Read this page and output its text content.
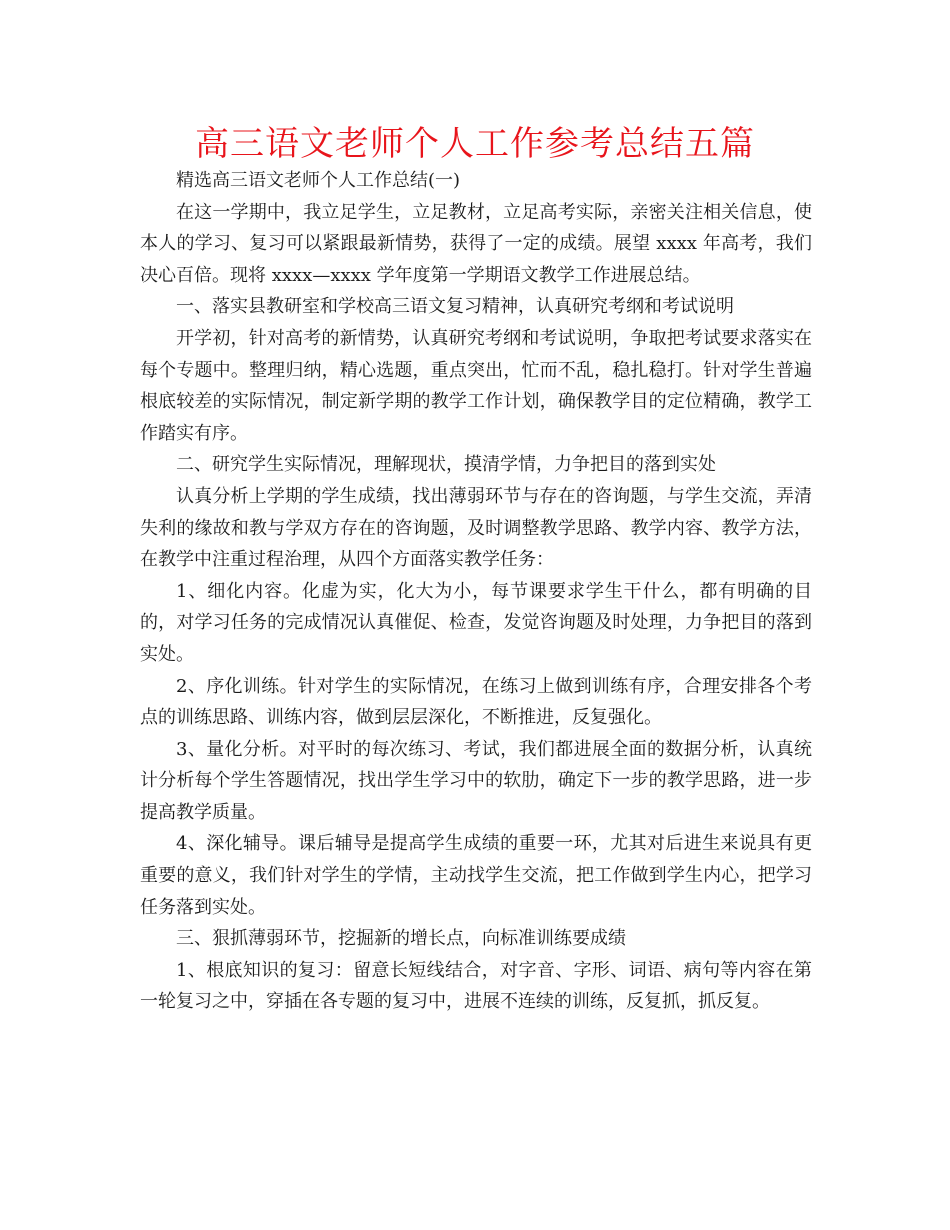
高三语文老师个人工作参考总结五篇

精选高三语文老师个人工作总结(一)

在这一学期中，我立足学生，立足教材，立足高考实际，亲密关注相关信息，使本人的学习、复习可以紧跟最新情势，获得了一定的成绩。展望 xxxx 年高考，我们决心百倍。现将 xxxx—xxxx 学年度第一学期语文教学工作进展总结。

一、落实县教研室和学校高三语文复习精神，认真研究考纲和考试说明

开学初，针对高考的新情势，认真研究考纲和考试说明，争取把考试要求落实在每个专题中。整理归纳，精心选题，重点突出，忙而不乱，稳扎稳打。针对学生普遍根底较差的实际情况，制定新学期的教学工作计划，确保教学目的定位精确，教学工作踏实有序。

二、研究学生实际情况，理解现状，摸清学情，力争把目的落到实处

认真分析上学期的学生成绩，找出薄弱环节与存在的咨询题，与学生交流，弄清失利的缘故和教与学双方存在的咨询题，及时调整教学思路、教学内容、教学方法，在教学中注重过程治理，从四个方面落实教学任务：

1、细化内容。化虚为实，化大为小，每节课要求学生干什么，都有明确的目的，对学习任务的完成情况认真催促、检查，发觉咨询题及时处理，力争把目的落到实处。

2、序化训练。针对学生的实际情况，在练习上做到训练有序，合理安排各个考点的训练思路、训练内容，做到层层深化，不断推进，反复强化。

3、量化分析。对平时的每次练习、考试，我们都进展全面的数据分析，认真统计分析每个学生答题情况，找出学生学习中的软肋，确定下一步的教学思路，进一步提高教学质量。

4、深化辅导。课后辅导是提高学生成绩的重要一环，尤其对后进生来说具有更重要的意义，我们针对学生的学情，主动找学生交流，把工作做到学生内心，把学习任务落到实处。

三、狠抓薄弱环节，挖掘新的增长点，向标准训练要成绩

1、根底知识的复习：留意长短线结合，对字音、字形、词语、病句等内容在第一轮复习之中，穿插在各专题的复习中，进展不连续的训练，反复抓，抓反复。
